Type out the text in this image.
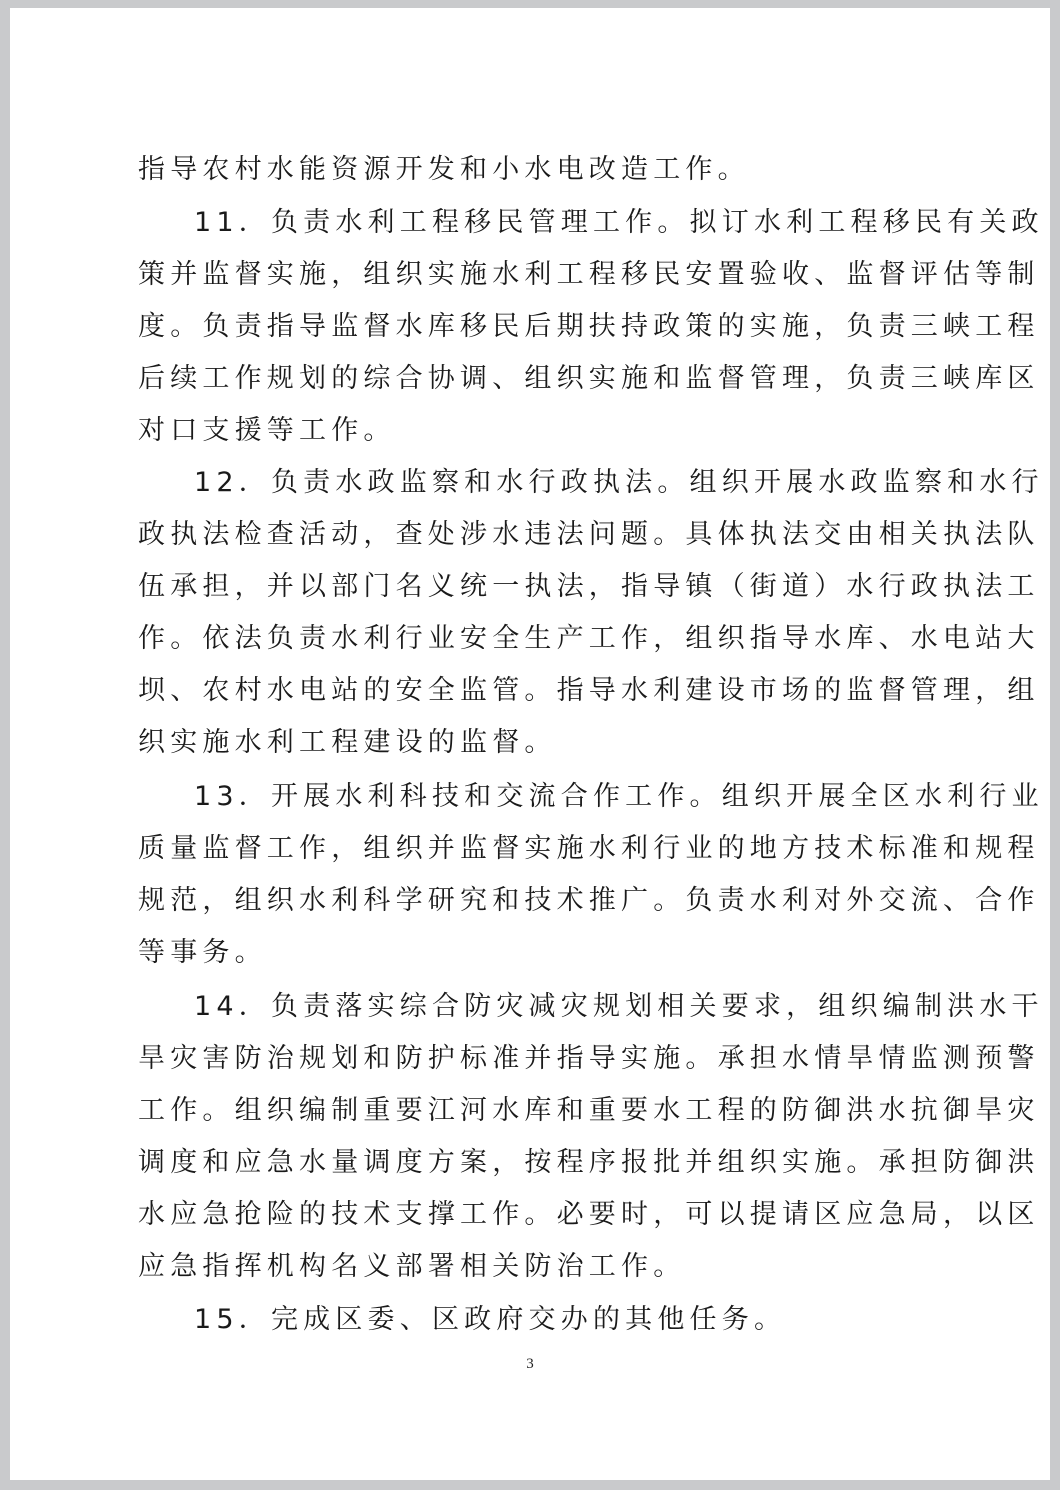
指导农村水能资源开发和小水电改造工作。
11．负责水利工程移民管理工作。拟订水利工程移民有关政
策并监督实施，组织实施水利工程移民安置验收、监督评估等制
度。负责指导监督水库移民后期扶持政策的实施，负责三峡工程
后续工作规划的综合协调、组织实施和监督管理，负责三峡库区
对口支援等工作。
12．负责水政监察和水行政执法。组织开展水政监察和水行
政执法检查活动，查处涉水违法问题。具体执法交由相关执法队
伍承担，并以部门名义统一执法，指导镇（街道）水行政执法工
作。依法负责水利行业安全生产工作，组织指导水库、水电站大
坝、农村水电站的安全监管。指导水利建设市场的监督管理，组
织实施水利工程建设的监督。
13．开展水利科技和交流合作工作。组织开展全区水利行业
质量监督工作，组织并监督实施水利行业的地方技术标准和规程
规范，组织水利科学研究和技术推广。负责水利对外交流、合作
等事务。
14．负责落实综合防灾减灾规划相关要求，组织编制洪水干
旱灾害防治规划和防护标准并指导实施。承担水情旱情监测预警
工作。组织编制重要江河水库和重要水工程的防御洪水抗御旱灾
调度和应急水量调度方案，按程序报批并组织实施。承担防御洪
水应急抢险的技术支撑工作。必要时，可以提请区应急局，以区
应急指挥机构名义部署相关防治工作。
15．完成区委、区政府交办的其他任务。
3
